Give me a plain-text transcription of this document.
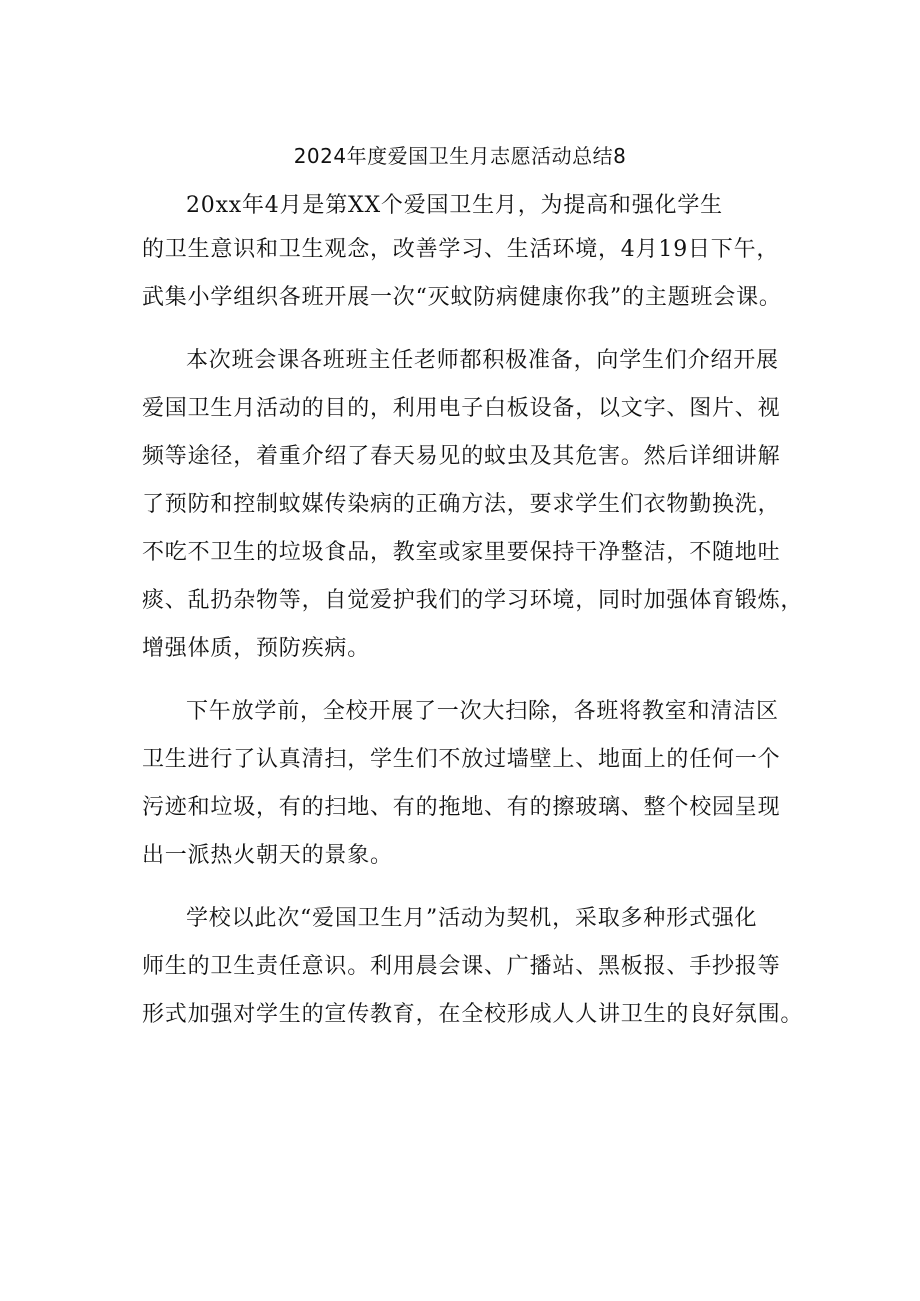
2024年度爱国卫生月志愿活动总结8
20xx年4月是第XX个爱国卫生月，为提高和强化学生
的卫生意识和卫生观念，改善学习、生活环境，4月19日下午，
武集小学组织各班开展一次“灭蚊防病健康你我”的主题班会课。
本次班会课各班班主任老师都积极准备，向学生们介绍开展
爱国卫生月活动的目的，利用电子白板设备，以文字、图片、视
频等途径，着重介绍了春天易见的蚊虫及其危害。然后详细讲解
了预防和控制蚊媒传染病的正确方法，要求学生们衣物勤换洗，
不吃不卫生的垃圾食品，教室或家里要保持干净整洁，不随地吐
痰、乱扔杂物等，自觉爱护我们的学习环境，同时加强体育锻炼，
增强体质，预防疾病。
下午放学前，全校开展了一次大扫除，各班将教室和清洁区
卫生进行了认真清扫，学生们不放过墙壁上、地面上的任何一个
污迹和垃圾，有的扫地、有的拖地、有的擦玻璃、整个校园呈现
出一派热火朝天的景象。
学校以此次“爱国卫生月”活动为契机，采取多种形式强化
师生的卫生责任意识。利用晨会课、广播站、黑板报、手抄报等
形式加强对学生的宣传教育，在全校形成人人讲卫生的良好氛围。
